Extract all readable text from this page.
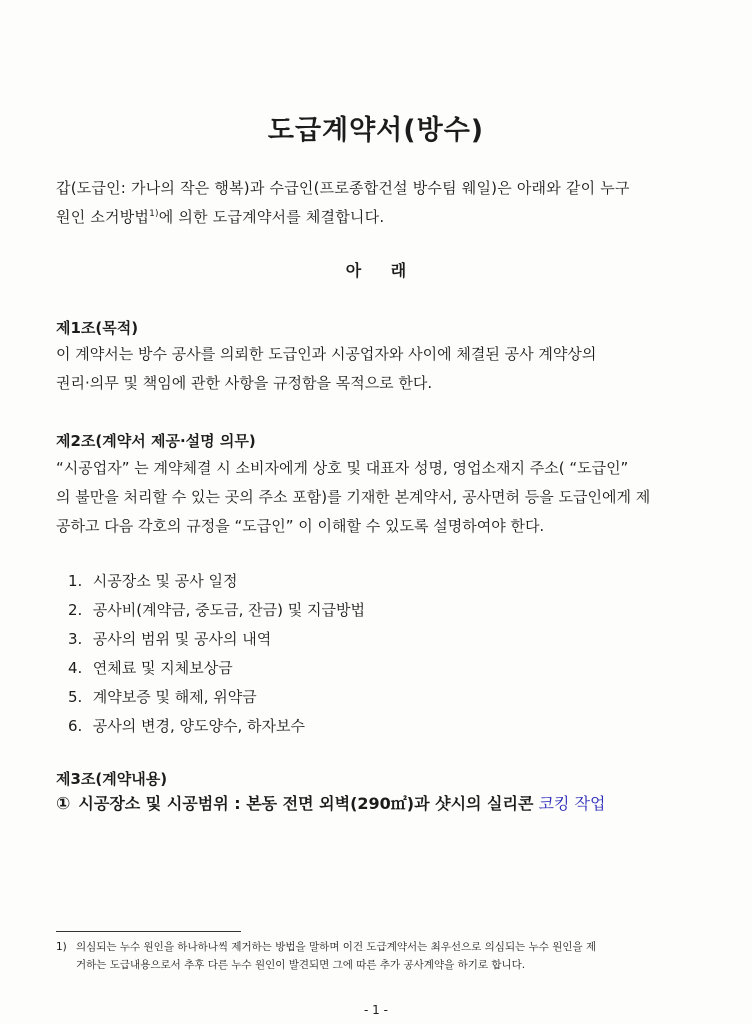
도급계약서(방수)

갑(도급인: 가나의 작은 행복)과 수급인(프로종합건설 방수팀 웨일)은 아래와 같이 누구
원인 소거방법$^{1)}$에 의한 도급계약서를 체결합니다.

아 래

제1조(목적)

이 계약서는 방수 공사를 의뢰한 도급인과 시공업자와 사이에 체결된 공사 계약상의
권리·의무 및 책임에 관한 사항을 규정함을 목적으로 한다.

제2조(계약서 제공·설명 의무)

“시공업자” 는 계약체결 시 소비자에게 상호 및 대표자 성명, 영업소재지 주소( “도급인”
의 불만을 처리할 수 있는 곳의 주소 포함)를 기재한 본계약서, 공사면허 등을 도급인에게 제
공하고 다음 각호의 규정을 “도급인” 이 이해할 수 있도록 설명하여야 한다.

1. 시공장소 및 공사 일정
2. 공사비(계약금, 중도금, 잔금) 및 지급방법
3. 공사의 범위 및 공사의 내역
4. 연체료 및 지체보상금
5. 계약보증 및 해제, 위약금
6. 공사의 변경, 양도양수, 하자보수

제3조(계약내용)

① 시공장소 및 시공범위 : 본동 전면 외벽(290㎡)과 샷시의 실리콘 코킹 작업

1) 의심되는 누수 원인을 하나하나씩 제거하는 방법을 말하며 이건 도급계약서는 최우선으로 의심되는 누수 원인을 제
거하는 도급내용으로서 추후 다른 누수 원인이 발견되면 그에 따른 추가 공사계약을 하기로 합니다.

- 1 -
